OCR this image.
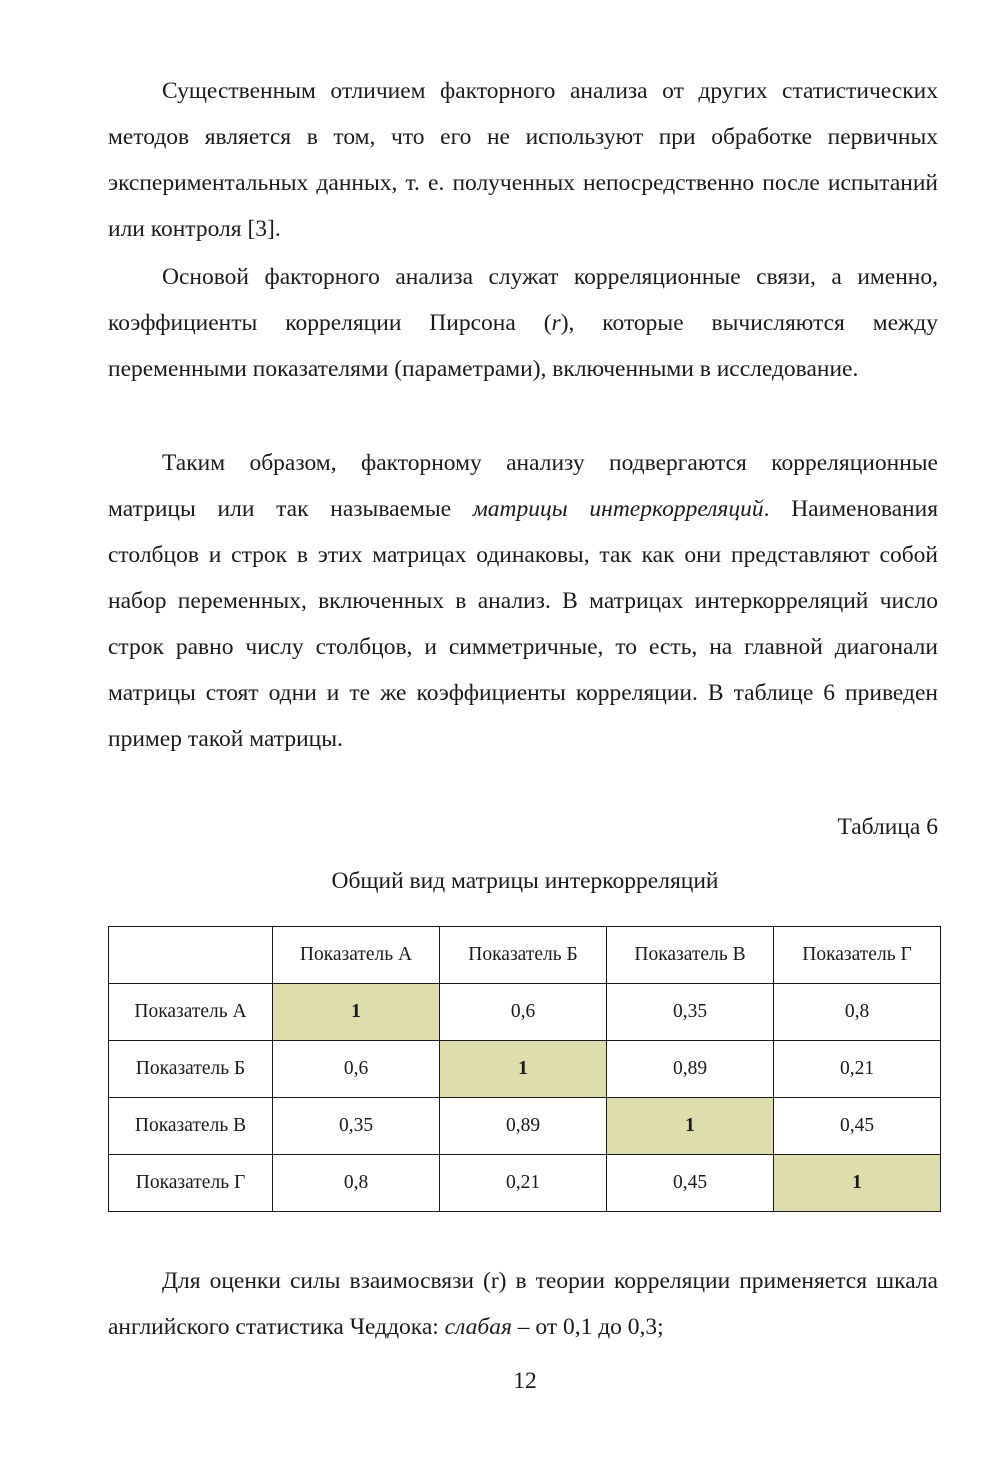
Существенным отличием факторного анализа от других статистических методов является в том, что его не используют при обработке первичных экспериментальных данных, т. е. полученных непосредственно после испытаний или контроля [3].

Основой факторного анализа служат корреляционные связи, а именно, коэффициенты корреляции Пирсона (r), которые вычисляются между переменными показателями (параметрами), включенными в исследование.

Таким образом, факторному анализу подвергаются корреляционные матрицы или так называемые матрицы интеркорреляций. Наименования столбцов и строк в этих матрицах одинаковы, так как они представляют собой набор переменных, включенных в анализ. В матрицах интеркорреляций число строк равно числу столбцов, и симметричные, то есть, на главной диагонали матрицы стоят одни и те же коэффициенты корреляции. В таблице 6 приведен пример такой матрицы.

Таблица 6

Общий вид матрицы интеркорреляций

	Показатель А	Показатель Б	Показатель В	Показатель Г
Показатель А	1	0,6	0,35	0,8
Показатель Б	0,6	1	0,89	0,21
Показатель В	0,35	0,89	1	0,45
Показатель Г	0,8	0,21	0,45	1

Для оценки силы взаимосвязи (r) в теории корреляции применяется шкала английского статистика Чеддока: слабая – от 0,1 до 0,3;

12
